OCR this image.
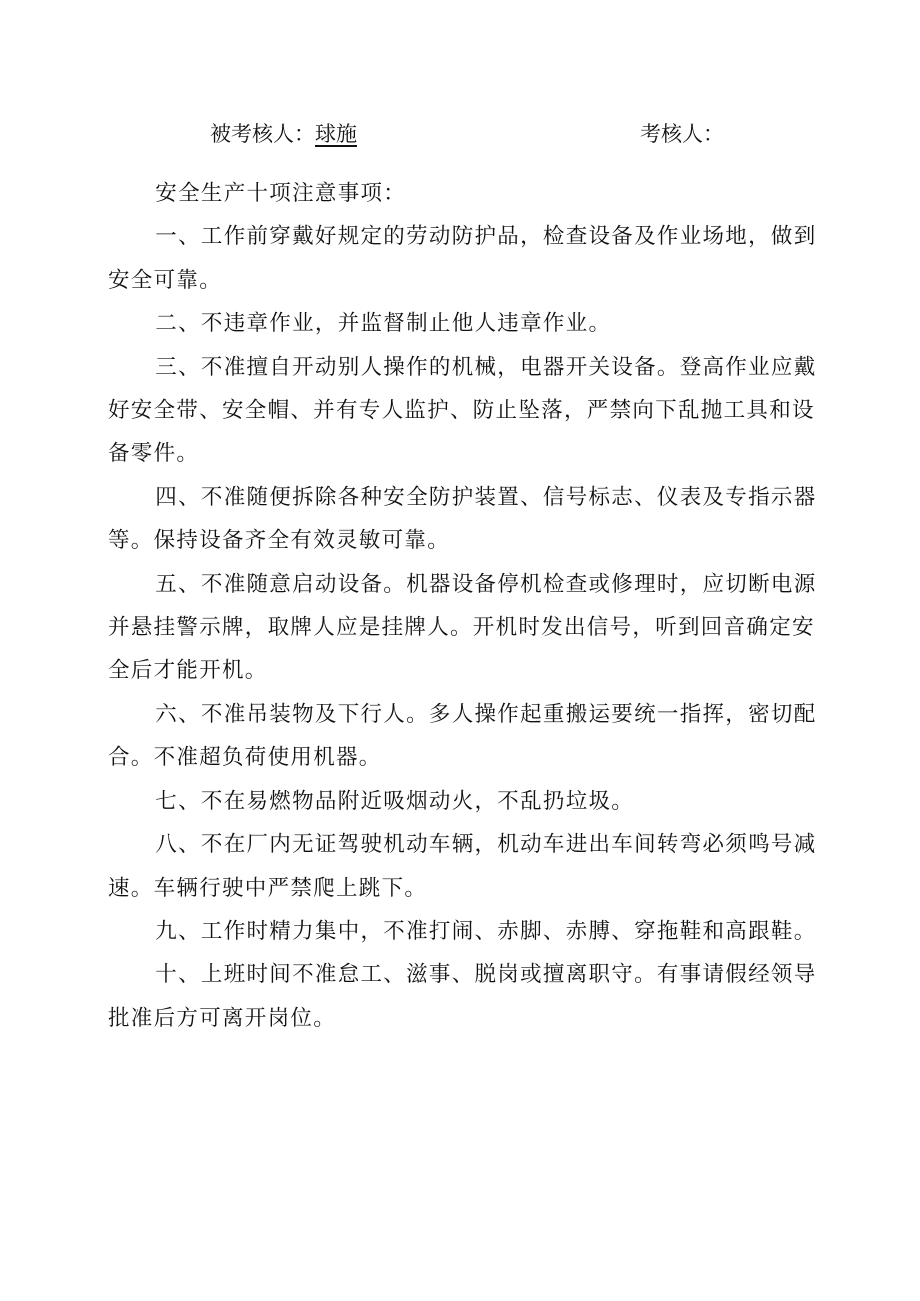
被考核人：球施	考核人：

安全生产十项注意事项：

一、工作前穿戴好规定的劳动防护品，检查设备及作业场地，做到安全可靠。

二、不违章作业，并监督制止他人违章作业。

三、不准擅自开动别人操作的机械，电器开关设备。登高作业应戴好安全带、安全帽、并有专人监护、防止坠落，严禁向下乱抛工具和设备零件。

四、不准随便拆除各种安全防护装置、信号标志、仪表及专指示器等。保持设备齐全有效灵敏可靠。

五、不准随意启动设备。机器设备停机检查或修理时，应切断电源并悬挂警示牌，取牌人应是挂牌人。开机时发出信号，听到回音确定安全后才能开机。

六、不准吊装物及下行人。多人操作起重搬运要统一指挥，密切配合。不准超负荷使用机器。

七、不在易燃物品附近吸烟动火，不乱扔垃圾。

八、不在厂内无证驾驶机动车辆，机动车进出车间转弯必须鸣号减速。车辆行驶中严禁爬上跳下。

九、工作时精力集中，不准打闹、赤脚、赤膊、穿拖鞋和高跟鞋。

十、上班时间不准怠工、滋事、脱岗或擅离职守。有事请假经领导批准后方可离开岗位。
